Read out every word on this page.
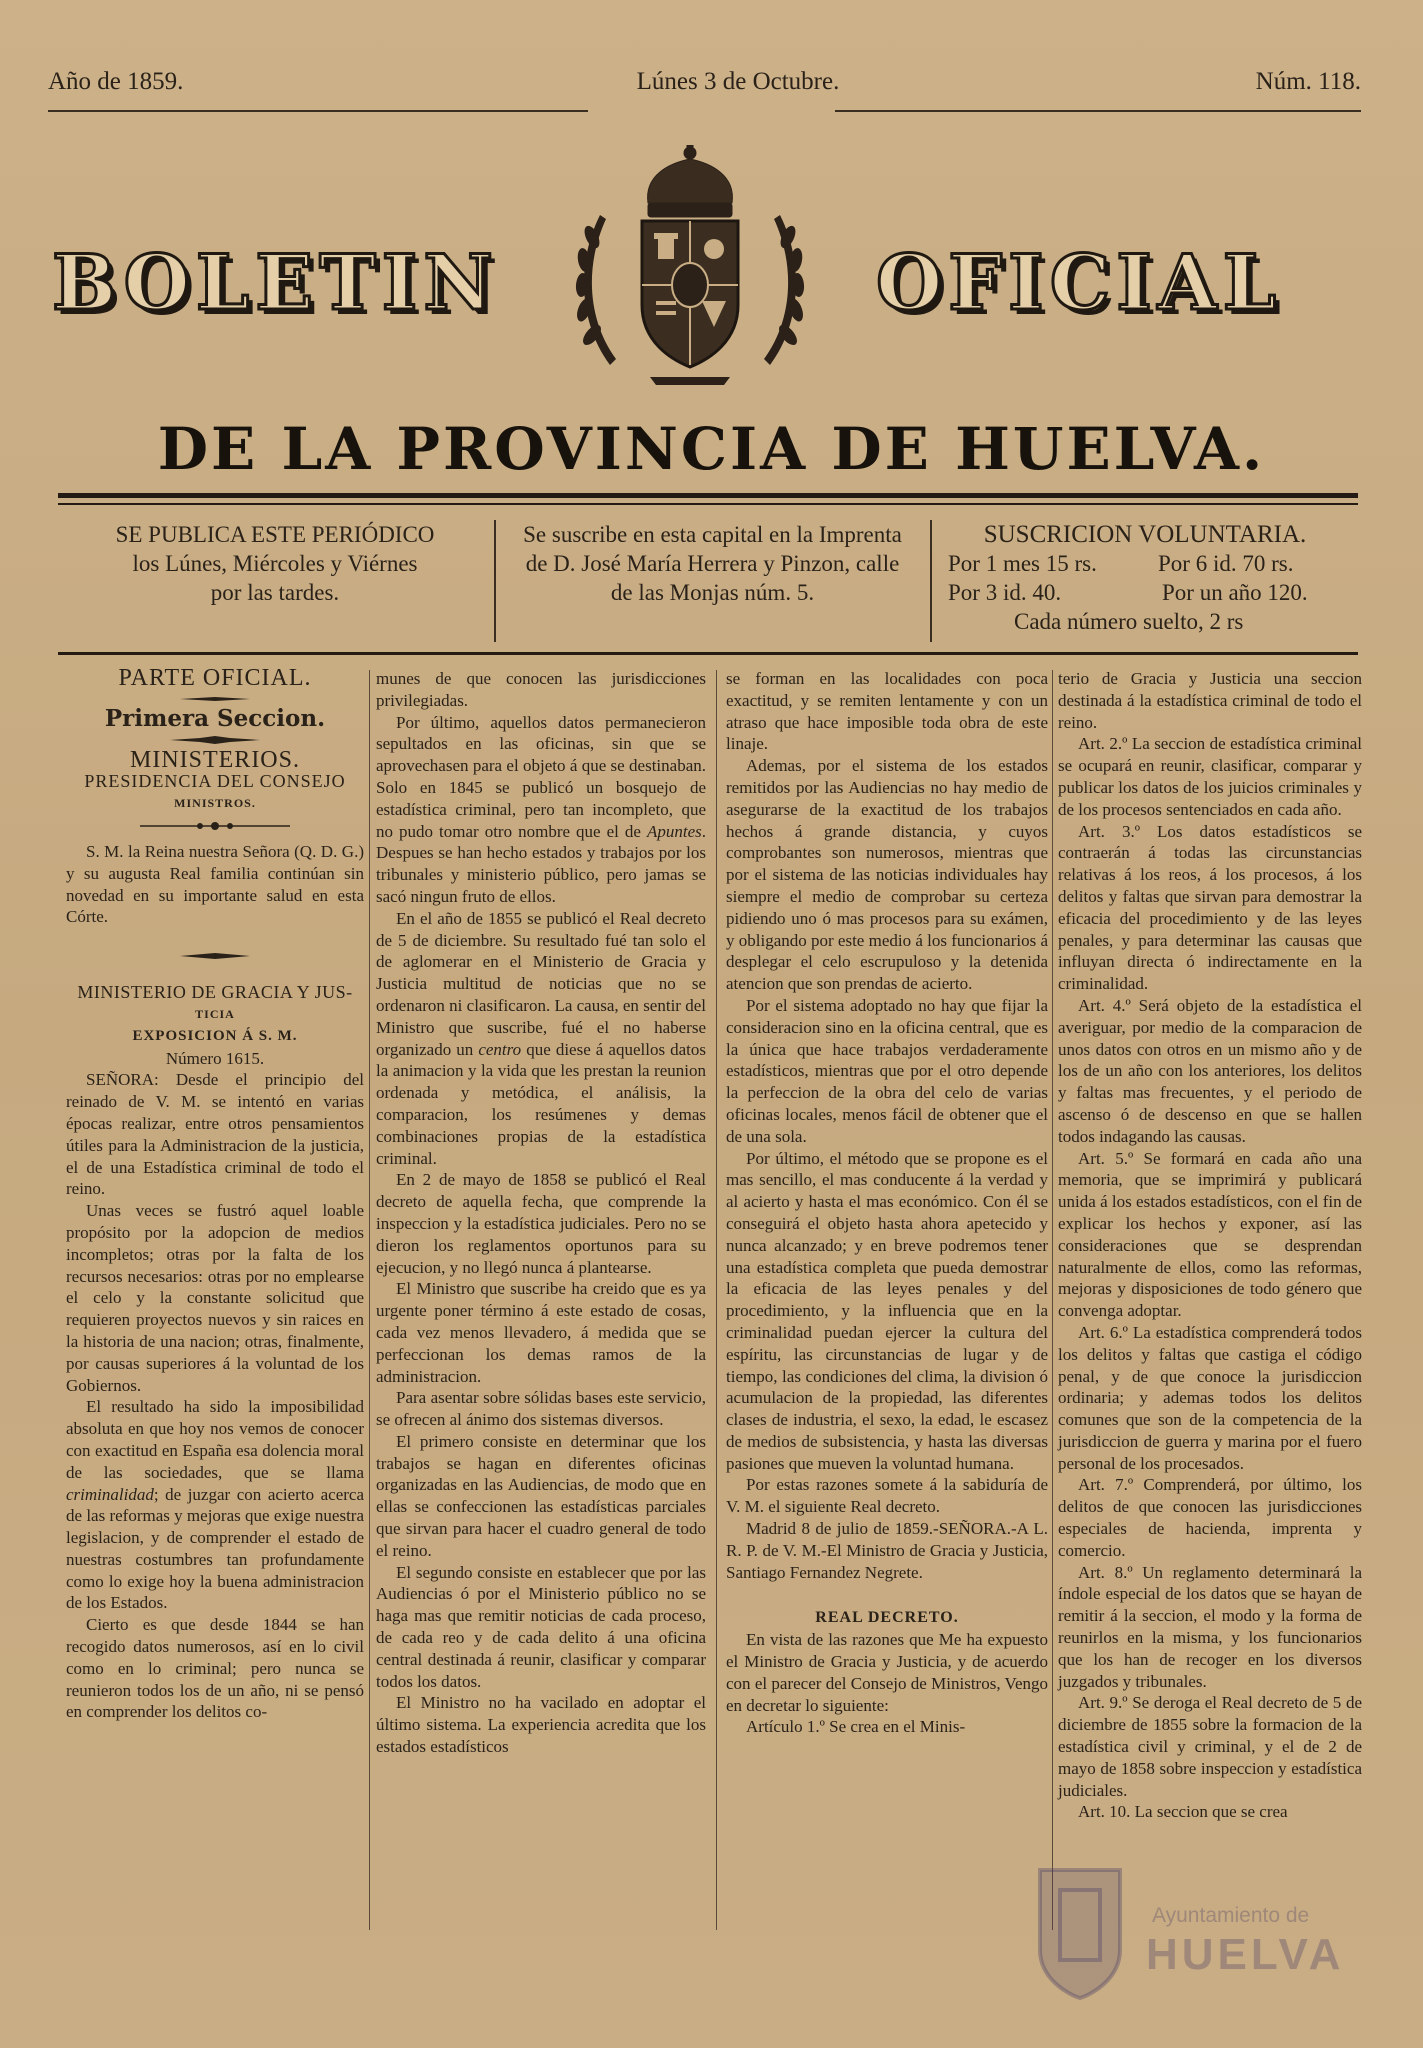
Año de 1859.	Lúnes 3 de Octubre.	Núm. 118.
BOLETIN	OFICIAL
DE LA PROVINCIA DE HUELVA.
SE PUBLICA ESTE PERIÓDICO
los Lúnes, Miércoles y Viérnes
por las tardes.
Se suscribe en esta capital en la Imprenta
de D. José María Herrera y Pinzon, calle
de las Monjas núm. 5.
SUSCRICION VOLUNTARIA.
Por 1 mes 15 rs.	Por 6 id. 70 rs.
Por 3 id. 40.	Por un año 120.
Cada número suelto, 2 rs

PARTE OFICIAL.

Primera Seccion.

MINISTERIOS.

PRESIDENCIA DEL CONSEJO

MINISTROS.

S. M. la Reina nuestra Señora (Q. D. G.) y su augusta Real familia continúan sin novedad en su importante salud en esta Córte.

MINISTERIO DE GRACIA Y JUS-

TICIA

EXPOSICION Á S. M.

Número 1615.

SEÑORA: Desde el principio del reinado de V. M. se intentó en varias épocas realizar, entre otros pensamientos útiles para la Administracion de la justicia, el de una Estadística criminal de todo el reino.

Unas veces se fustró aquel loable propósito por la adopcion de medios incompletos; otras por la falta de los recursos necesarios: otras por no emplearse el celo y la constante solicitud que requieren proyectos nuevos y sin raices en la historia de una nacion; otras, finalmente, por causas superiores á la voluntad de los Gobiernos.

El resultado ha sido la imposibilidad absoluta en que hoy nos vemos de conocer con exactitud en España esa dolencia moral de las sociedades, que se llama criminalidad; de juzgar con acierto acerca de las reformas y mejoras que exige nuestra legislacion, y de comprender el estado de nuestras costumbres tan profundamente como lo exige hoy la buena administracion de los Estados.

Cierto es que desde 1844 se han recogido datos numerosos, así en lo civil como en lo criminal; pero nunca se reunieron todos los de un año, ni se pensó en comprender los delitos co-

munes de que conocen las jurisdicciones privilegiadas.

Por último, aquellos datos permanecieron sepultados en las oficinas, sin que se aprovechasen para el objeto á que se destinaban. Solo en 1845 se publicó un bosquejo de estadística criminal, pero tan incompleto, que no pudo tomar otro nombre que el de Apuntes. Despues se han hecho estados y trabajos por los tribunales y ministerio público, pero jamas se sacó ningun fruto de ellos.

En el año de 1855 se publicó el Real decreto de 5 de diciembre. Su resultado fué tan solo el de aglomerar en el Ministerio de Gracia y Justicia multitud de noticias que no se ordenaron ni clasificaron. La causa, en sentir del Ministro que suscribe, fué el no haberse organizado un centro que diese á aquellos datos la animacion y la vida que les prestan la reunion ordenada y metódica, el análisis, la comparacion, los resúmenes y demas combinaciones propias de la estadística criminal.

En 2 de mayo de 1858 se publicó el Real decreto de aquella fecha, que comprende la inspeccion y la estadística judiciales. Pero no se dieron los reglamentos oportunos para su ejecucion, y no llegó nunca á plantearse.

El Ministro que suscribe ha creido que es ya urgente poner término á este estado de cosas, cada vez menos llevadero, á medida que se perfeccionan los demas ramos de la administracion.

Para asentar sobre sólidas bases este servicio, se ofrecen al ánimo dos sistemas diversos.

El primero consiste en determinar que los trabajos se hagan en diferentes oficinas organizadas en las Audiencias, de modo que en ellas se confeccionen las estadísticas parciales que sirvan para hacer el cuadro general de todo el reino.

El segundo consiste en establecer que por las Audiencias ó por el Ministerio público no se haga mas que remitir noticias de cada proceso, de cada reo y de cada delito á una oficina central destinada á reunir, clasificar y comparar todos los datos.

El Ministro no ha vacilado en adoptar el último sistema. La experiencia acredita que los estados estadísticos

se forman en las localidades con poca exactitud, y se remiten lentamente y con un atraso que hace imposible toda obra de este linaje.

Ademas, por el sistema de los estados remitidos por las Audiencias no hay medio de asegurarse de la exactitud de los trabajos hechos á grande distancia, y cuyos comprobantes son numerosos, mientras que por el sistema de las noticias individuales hay siempre el medio de comprobar su certeza pidiendo uno ó mas procesos para su exámen, y obligando por este medio á los funcionarios á desplegar el celo escrupuloso y la detenida atencion que son prendas de acierto.

Por el sistema adoptado no hay que fijar la consideracion sino en la oficina central, que es la única que hace trabajos verdaderamente estadísticos, mientras que por el otro depende la perfeccion de la obra del celo de varias oficinas locales, menos fácil de obtener que el de una sola.

Por último, el método que se propone es el mas sencillo, el mas conducente á la verdad y al acierto y hasta el mas económico. Con él se conseguirá el objeto hasta ahora apetecido y nunca alcanzado; y en breve podremos tener una estadística completa que pueda demostrar la eficacia de las leyes penales y del procedimiento, y la influencia que en la criminalidad puedan ejercer la cultura del espíritu, las circunstancias de lugar y de tiempo, las condiciones del clima, la division ó acumulacion de la propiedad, las diferentes clases de industria, el sexo, la edad, le escasez de medios de subsistencia, y hasta las diversas pasiones que mueven la voluntad humana.

Por estas razones somete á la sabiduría de V. M. el siguiente Real decreto.

Madrid 8 de julio de 1859.-SEÑORA.-A L. R. P. de V. M.-El Ministro de Gracia y Justicia, Santiago Fernandez Negrete.

REAL DECRETO.

En vista de las razones que Me ha expuesto el Ministro de Gracia y Justicia, y de acuerdo con el parecer del Consejo de Ministros, Vengo en decretar lo siguiente:

Artículo 1.º Se crea en el Minis-

terio de Gracia y Justicia una seccion destinada á la estadística criminal de todo el reino.

Art. 2.º La seccion de estadística criminal se ocupará en reunir, clasificar, comparar y publicar los datos de los juicios criminales y de los procesos sentenciados en cada año.

Art. 3.º Los datos estadísticos se contraerán á todas las circunstancias relativas á los reos, á los procesos, á los delitos y faltas que sirvan para demostrar la eficacia del procedimiento y de las leyes penales, y para determinar las causas que influyan directa ó indirectamente en la criminalidad.

Art. 4.º Será objeto de la estadística el averiguar, por medio de la comparacion de unos datos con otros en un mismo año y de los de un año con los anteriores, los delitos y faltas mas frecuentes, y el periodo de ascenso ó de descenso en que se hallen todos indagando las causas.

Art. 5.º Se formará en cada año una memoria, que se imprimirá y publicará unida á los estados estadísticos, con el fin de explicar los hechos y exponer, así las consideraciones que se desprendan naturalmente de ellos, como las reformas, mejoras y disposiciones de todo género que convenga adoptar.

Art. 6.º La estadística comprenderá todos los delitos y faltas que castiga el código penal, y de que conoce la jurisdiccion ordinaria; y ademas todos los delitos comunes que son de la competencia de la jurisdiccion de guerra y marina por el fuero personal de los procesados.

Art. 7.º Comprenderá, por último, los delitos de que conocen las jurisdicciones especiales de hacienda, imprenta y comercio.

Art. 8.º Un reglamento determinará la índole especial de los datos que se hayan de remitir á la seccion, el modo y la forma de reunirlos en la misma, y los funcionarios que los han de recoger en los diversos juzgados y tribunales.

Art. 9.º Se deroga el Real decreto de 5 de diciembre de 1855 sobre la formacion de la estadística civil y criminal, y el de 2 de mayo de 1858 sobre inspeccion y estadística judiciales.

Art. 10. La seccion que se crea

Ayuntamiento de
HUELVA
